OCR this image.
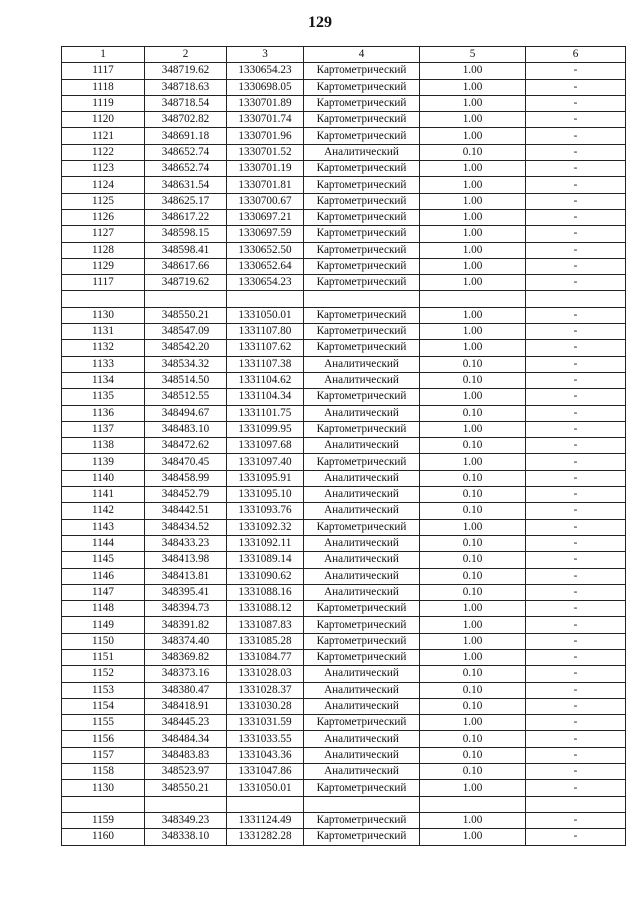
129
1	2	3	4	5	6
1117	348719.62	1330654.23	Картометрический	1.00	-
1118	348718.63	1330698.05	Картометрический	1.00	-
1119	348718.54	1330701.89	Картометрический	1.00	-
1120	348702.82	1330701.74	Картометрический	1.00	-
1121	348691.18	1330701.96	Картометрический	1.00	-
1122	348652.74	1330701.52	Аналитический	0.10	-
1123	348652.74	1330701.19	Картометрический	1.00	-
1124	348631.54	1330701.81	Картометрический	1.00	-
1125	348625.17	1330700.67	Картометрический	1.00	-
1126	348617.22	1330697.21	Картометрический	1.00	-
1127	348598.15	1330697.59	Картометрический	1.00	-
1128	348598.41	1330652.50	Картометрический	1.00	-
1129	348617.66	1330652.64	Картометрический	1.00	-
1117	348719.62	1330654.23	Картометрический	1.00	-

1130	348550.21	1331050.01	Картометрический	1.00	-
1131	348547.09	1331107.80	Картометрический	1.00	-
1132	348542.20	1331107.62	Картометрический	1.00	-
1133	348534.32	1331107.38	Аналитический	0.10	-
1134	348514.50	1331104.62	Аналитический	0.10	-
1135	348512.55	1331104.34	Картометрический	1.00	-
1136	348494.67	1331101.75	Аналитический	0.10	-
1137	348483.10	1331099.95	Картометрический	1.00	-
1138	348472.62	1331097.68	Аналитический	0.10	-
1139	348470.45	1331097.40	Картометрический	1.00	-
1140	348458.99	1331095.91	Аналитический	0.10	-
1141	348452.79	1331095.10	Аналитический	0.10	-
1142	348442.51	1331093.76	Аналитический	0.10	-
1143	348434.52	1331092.32	Картометрический	1.00	-
1144	348433.23	1331092.11	Аналитический	0.10	-
1145	348413.98	1331089.14	Аналитический	0.10	-
1146	348413.81	1331090.62	Аналитический	0.10	-
1147	348395.41	1331088.16	Аналитический	0.10	-
1148	348394.73	1331088.12	Картометрический	1.00	-
1149	348391.82	1331087.83	Картометрический	1.00	-
1150	348374.40	1331085.28	Картометрический	1.00	-
1151	348369.82	1331084.77	Картометрический	1.00	-
1152	348373.16	1331028.03	Аналитический	0.10	-
1153	348380.47	1331028.37	Аналитический	0.10	-
1154	348418.91	1331030.28	Аналитический	0.10	-
1155	348445.23	1331031.59	Картометрический	1.00	-
1156	348484.34	1331033.55	Аналитический	0.10	-
1157	348483.83	1331043.36	Аналитический	0.10	-
1158	348523.97	1331047.86	Аналитический	0.10	-
1130	348550.21	1331050.01	Картометрический	1.00	-

1159	348349.23	1331124.49	Картометрический	1.00	-
1160	348338.10	1331282.28	Картометрический	1.00	-
